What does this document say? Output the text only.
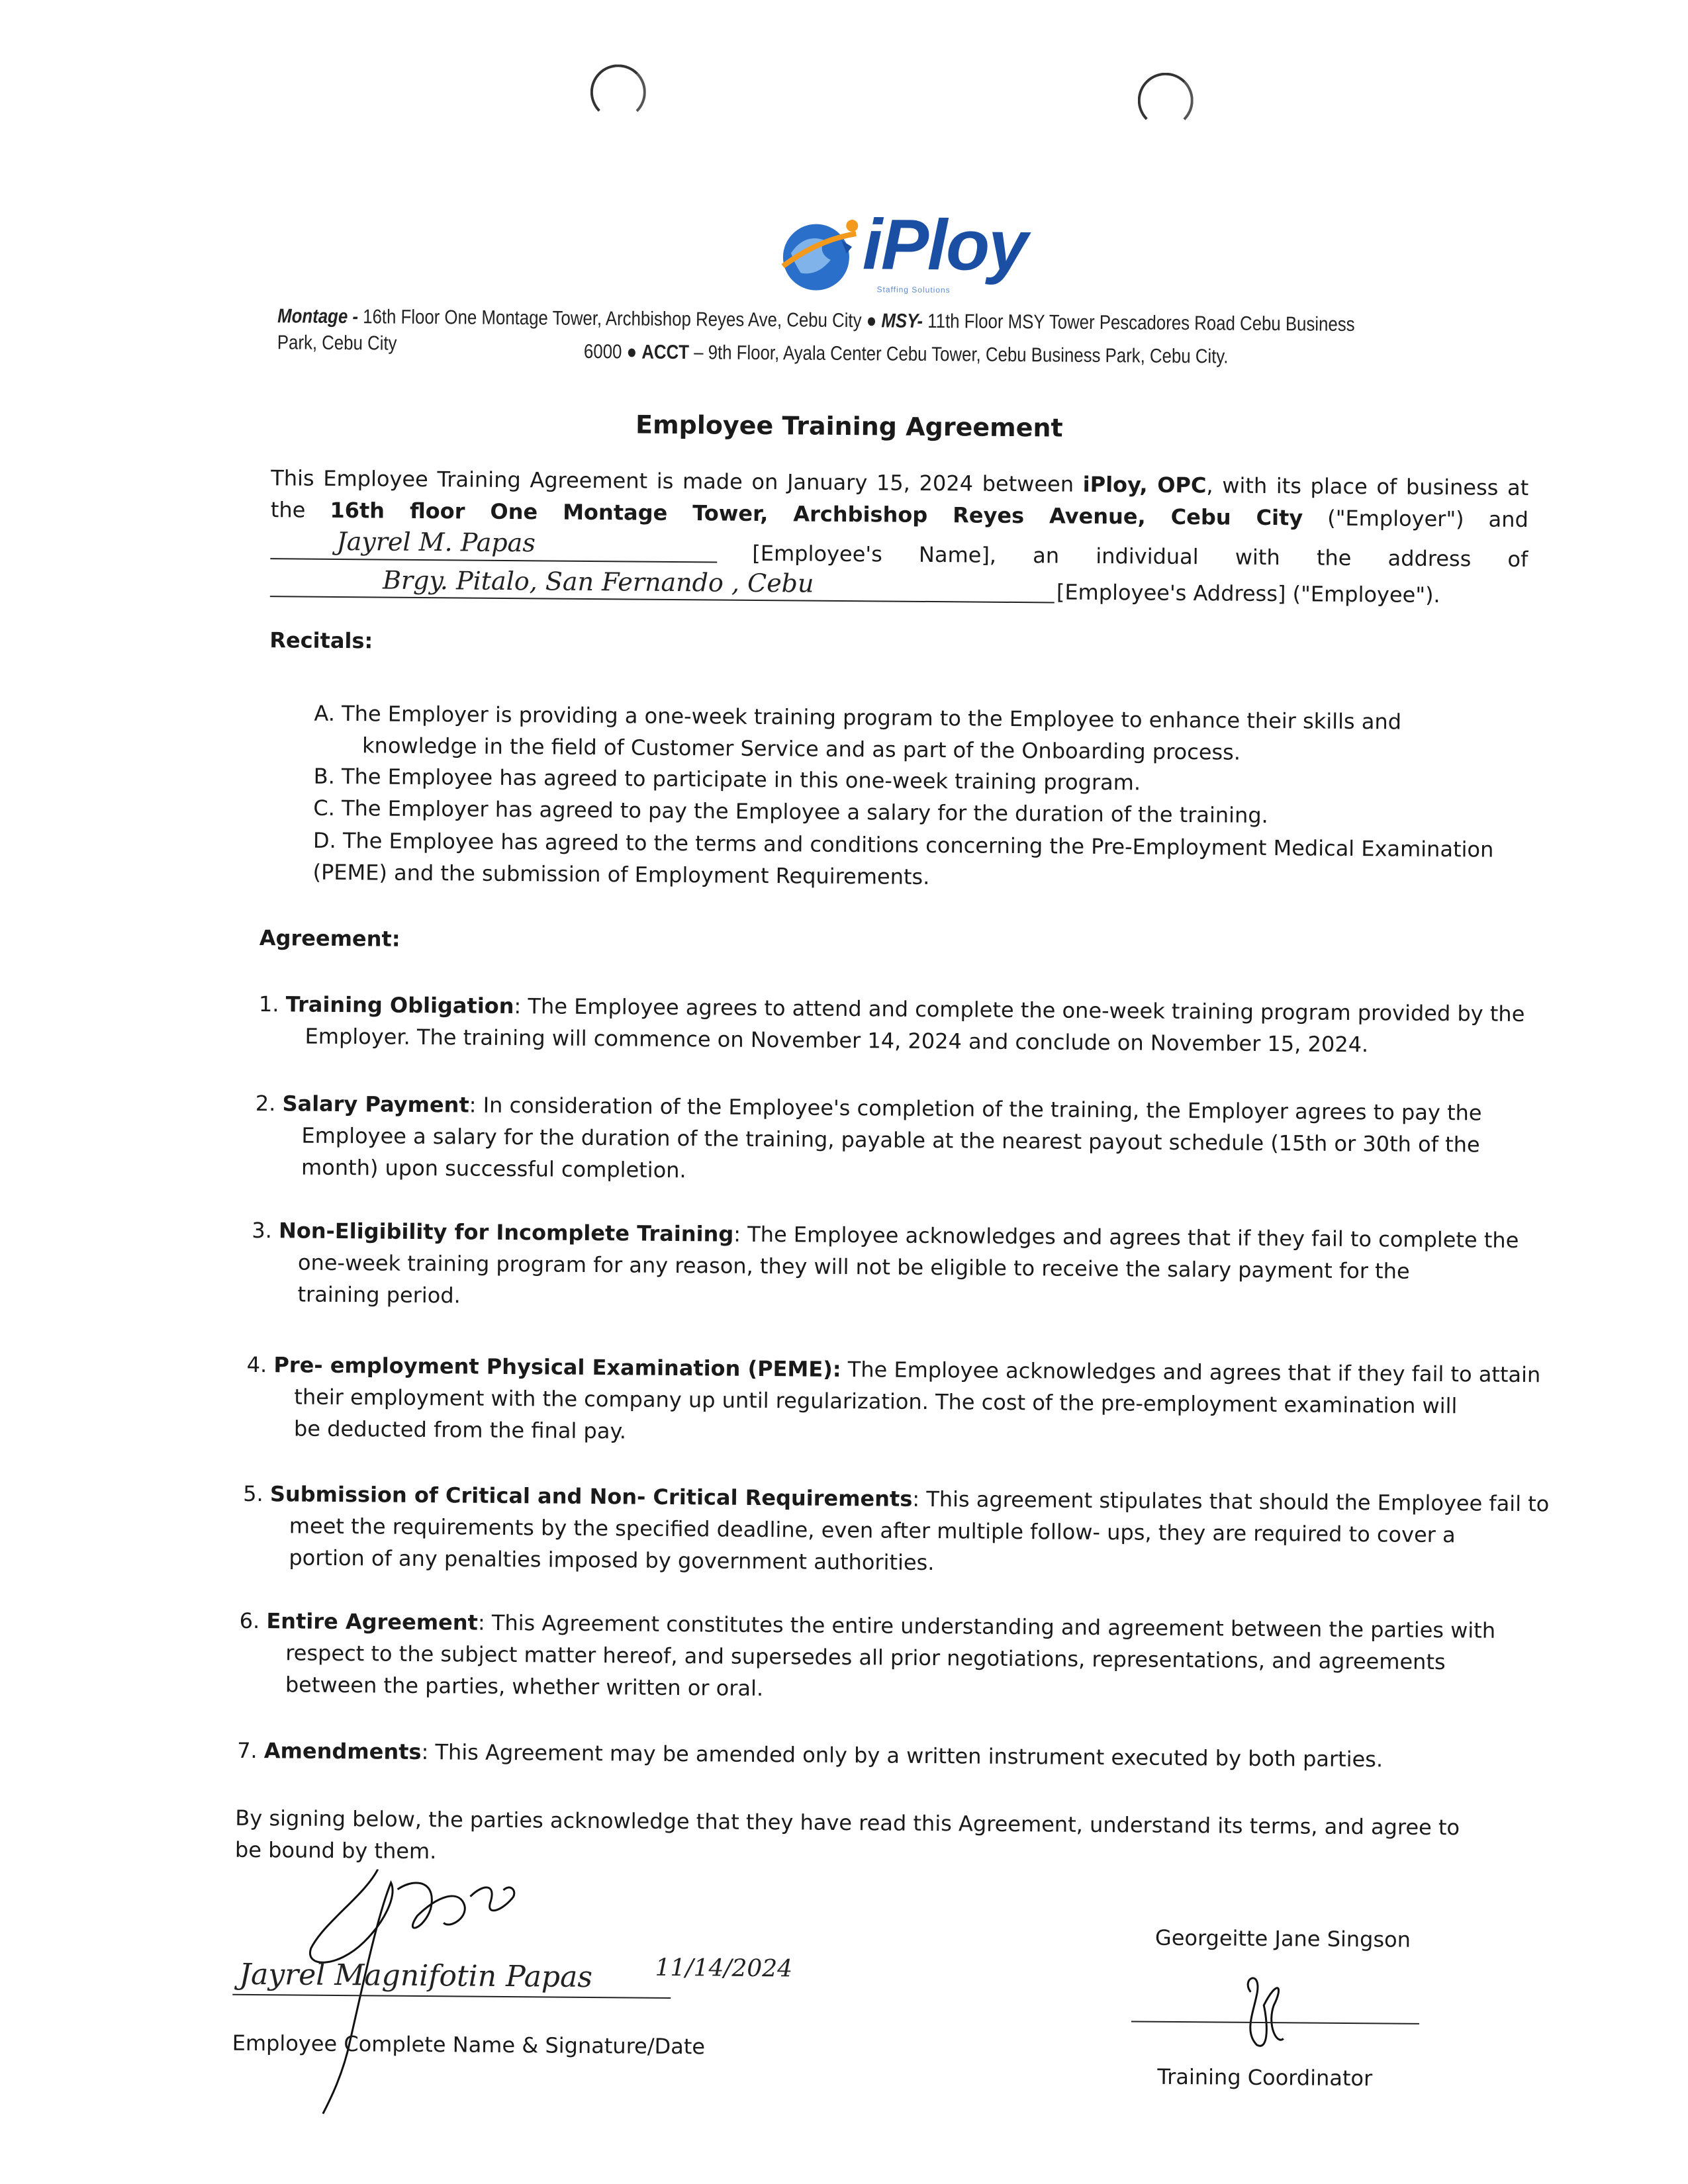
iPloy
Staffing Solutions
Montage - 16th Floor One Montage Tower, Archbishop Reyes Ave, Cebu City ● MSY- 11th Floor MSY Tower Pescadores Road Cebu Business Park, Cebu City	6000 ● ACCT – 9th Floor, Ayala Center Cebu Tower, Cebu Business Park, Cebu City.
Employee Training Agreement
This Employee Training Agreement is made on January 15, 2024 between iPloy, OPC, with its place of business at
the 16th floor One Montage Tower, Archbishop Reyes Avenue, Cebu City ("Employer") and
Jayrel M. Papas	[Employee's Name], an individual with the address of
Brgy. Pitalo, San Fernando , Cebu	[Employee's Address] ("Employee").
Recitals:
A. The Employer is providing a one-week training program to the Employee to enhance their skills and
knowledge in the field of Customer Service and as part of the Onboarding process.
B. The Employee has agreed to participate in this one-week training program.
C. The Employer has agreed to pay the Employee a salary for the duration of the training.
D. The Employee has agreed to the terms and conditions concerning the Pre-Employment Medical Examination
(PEME) and the submission of Employment Requirements.
Agreement:
1. Training Obligation: The Employee agrees to attend and complete the one-week training program provided by the
Employer. The training will commence on November 14, 2024 and conclude on November 15, 2024.
2. Salary Payment: In consideration of the Employee's completion of the training, the Employer agrees to pay the
Employee a salary for the duration of the training, payable at the nearest payout schedule (15th or 30th of the
month) upon successful completion.
3. Non-Eligibility for Incomplete Training: The Employee acknowledges and agrees that if they fail to complete the
one-week training program for any reason, they will not be eligible to receive the salary payment for the
training period.
4. Pre- employment Physical Examination (PEME): The Employee acknowledges and agrees that if they fail to attain
their employment with the company up until regularization. The cost of the pre-employment examination will
be deducted from the final pay.
5. Submission of Critical and Non- Critical Requirements: This agreement stipulates that should the Employee fail to
meet the requirements by the specified deadline, even after multiple follow- ups, they are required to cover a
portion of any penalties imposed by government authorities.
6. Entire Agreement: This Agreement constitutes the entire understanding and agreement between the parties with
respect to the subject matter hereof, and supersedes all prior negotiations, representations, and agreements
between the parties, whether written or oral.
7. Amendments: This Agreement may be amended only by a written instrument executed by both parties.
By signing below, the parties acknowledge that they have read this Agreement, understand its terms, and agree to
be bound by them.
Jayrel Magnifotin Papas	11/14/2024
Employee Complete Name & Signature/Date
Georgeitte Jane Singson
Training Coordinator
